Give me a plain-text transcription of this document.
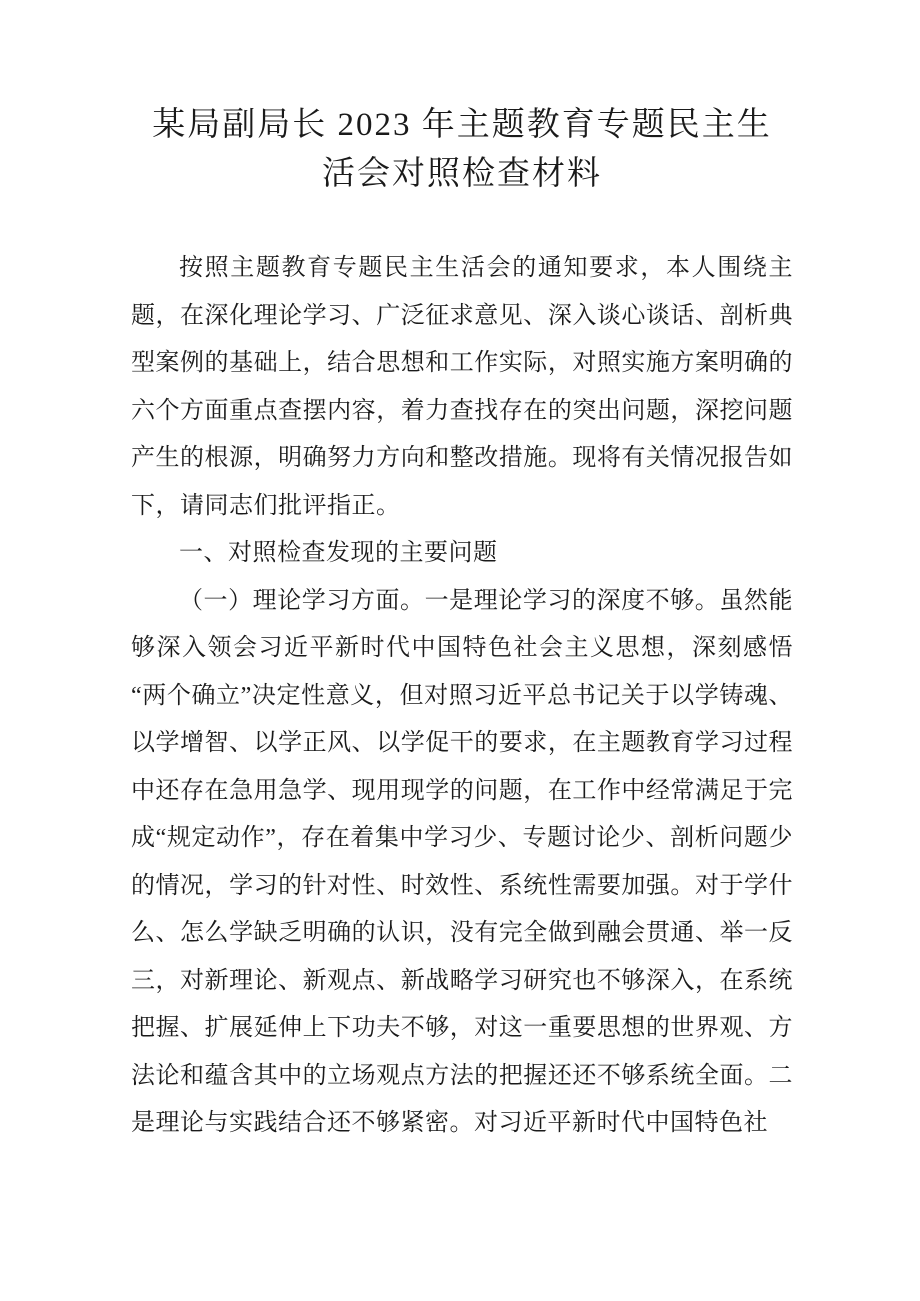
某局副局长 2023 年主题教育专题民主生
活会对照检查材料

按照主题教育专题民主生活会的通知要求，本人围绕主题，在深化理论学习、广泛征求意见、深入谈心谈话、剖析典型案例的基础上，结合思想和工作实际，对照实施方案明确的六个方面重点查摆内容，着力查找存在的突出问题，深挖问题产生的根源，明确努力方向和整改措施。现将有关情况报告如下，请同志们批评指正。

一、对照检查发现的主要问题

（一）理论学习方面。一是理论学习的深度不够。虽然能够深入领会习近平新时代中国特色社会主义思想，深刻感悟“两个确立”决定性意义，但对照习近平总书记关于以学铸魂、以学增智、以学正风、以学促干的要求，在主题教育学习过程中还存在急用急学、现用现学的问题，在工作中经常满足于完成“规定动作”，存在着集中学习少、专题讨论少、剖析问题少的情况，学习的针对性、时效性、系统性需要加强。对于学什么、怎么学缺乏明确的认识，没有完全做到融会贯通、举一反三，对新理论、新观点、新战略学习研究也不够深入，在系统把握、扩展延伸上下功夫不够，对这一重要思想的世界观、方法论和蕴含其中的立场观点方法的把握还还不够系统全面。二是理论与实践结合还不够紧密。对习近平新时代中国特色社
